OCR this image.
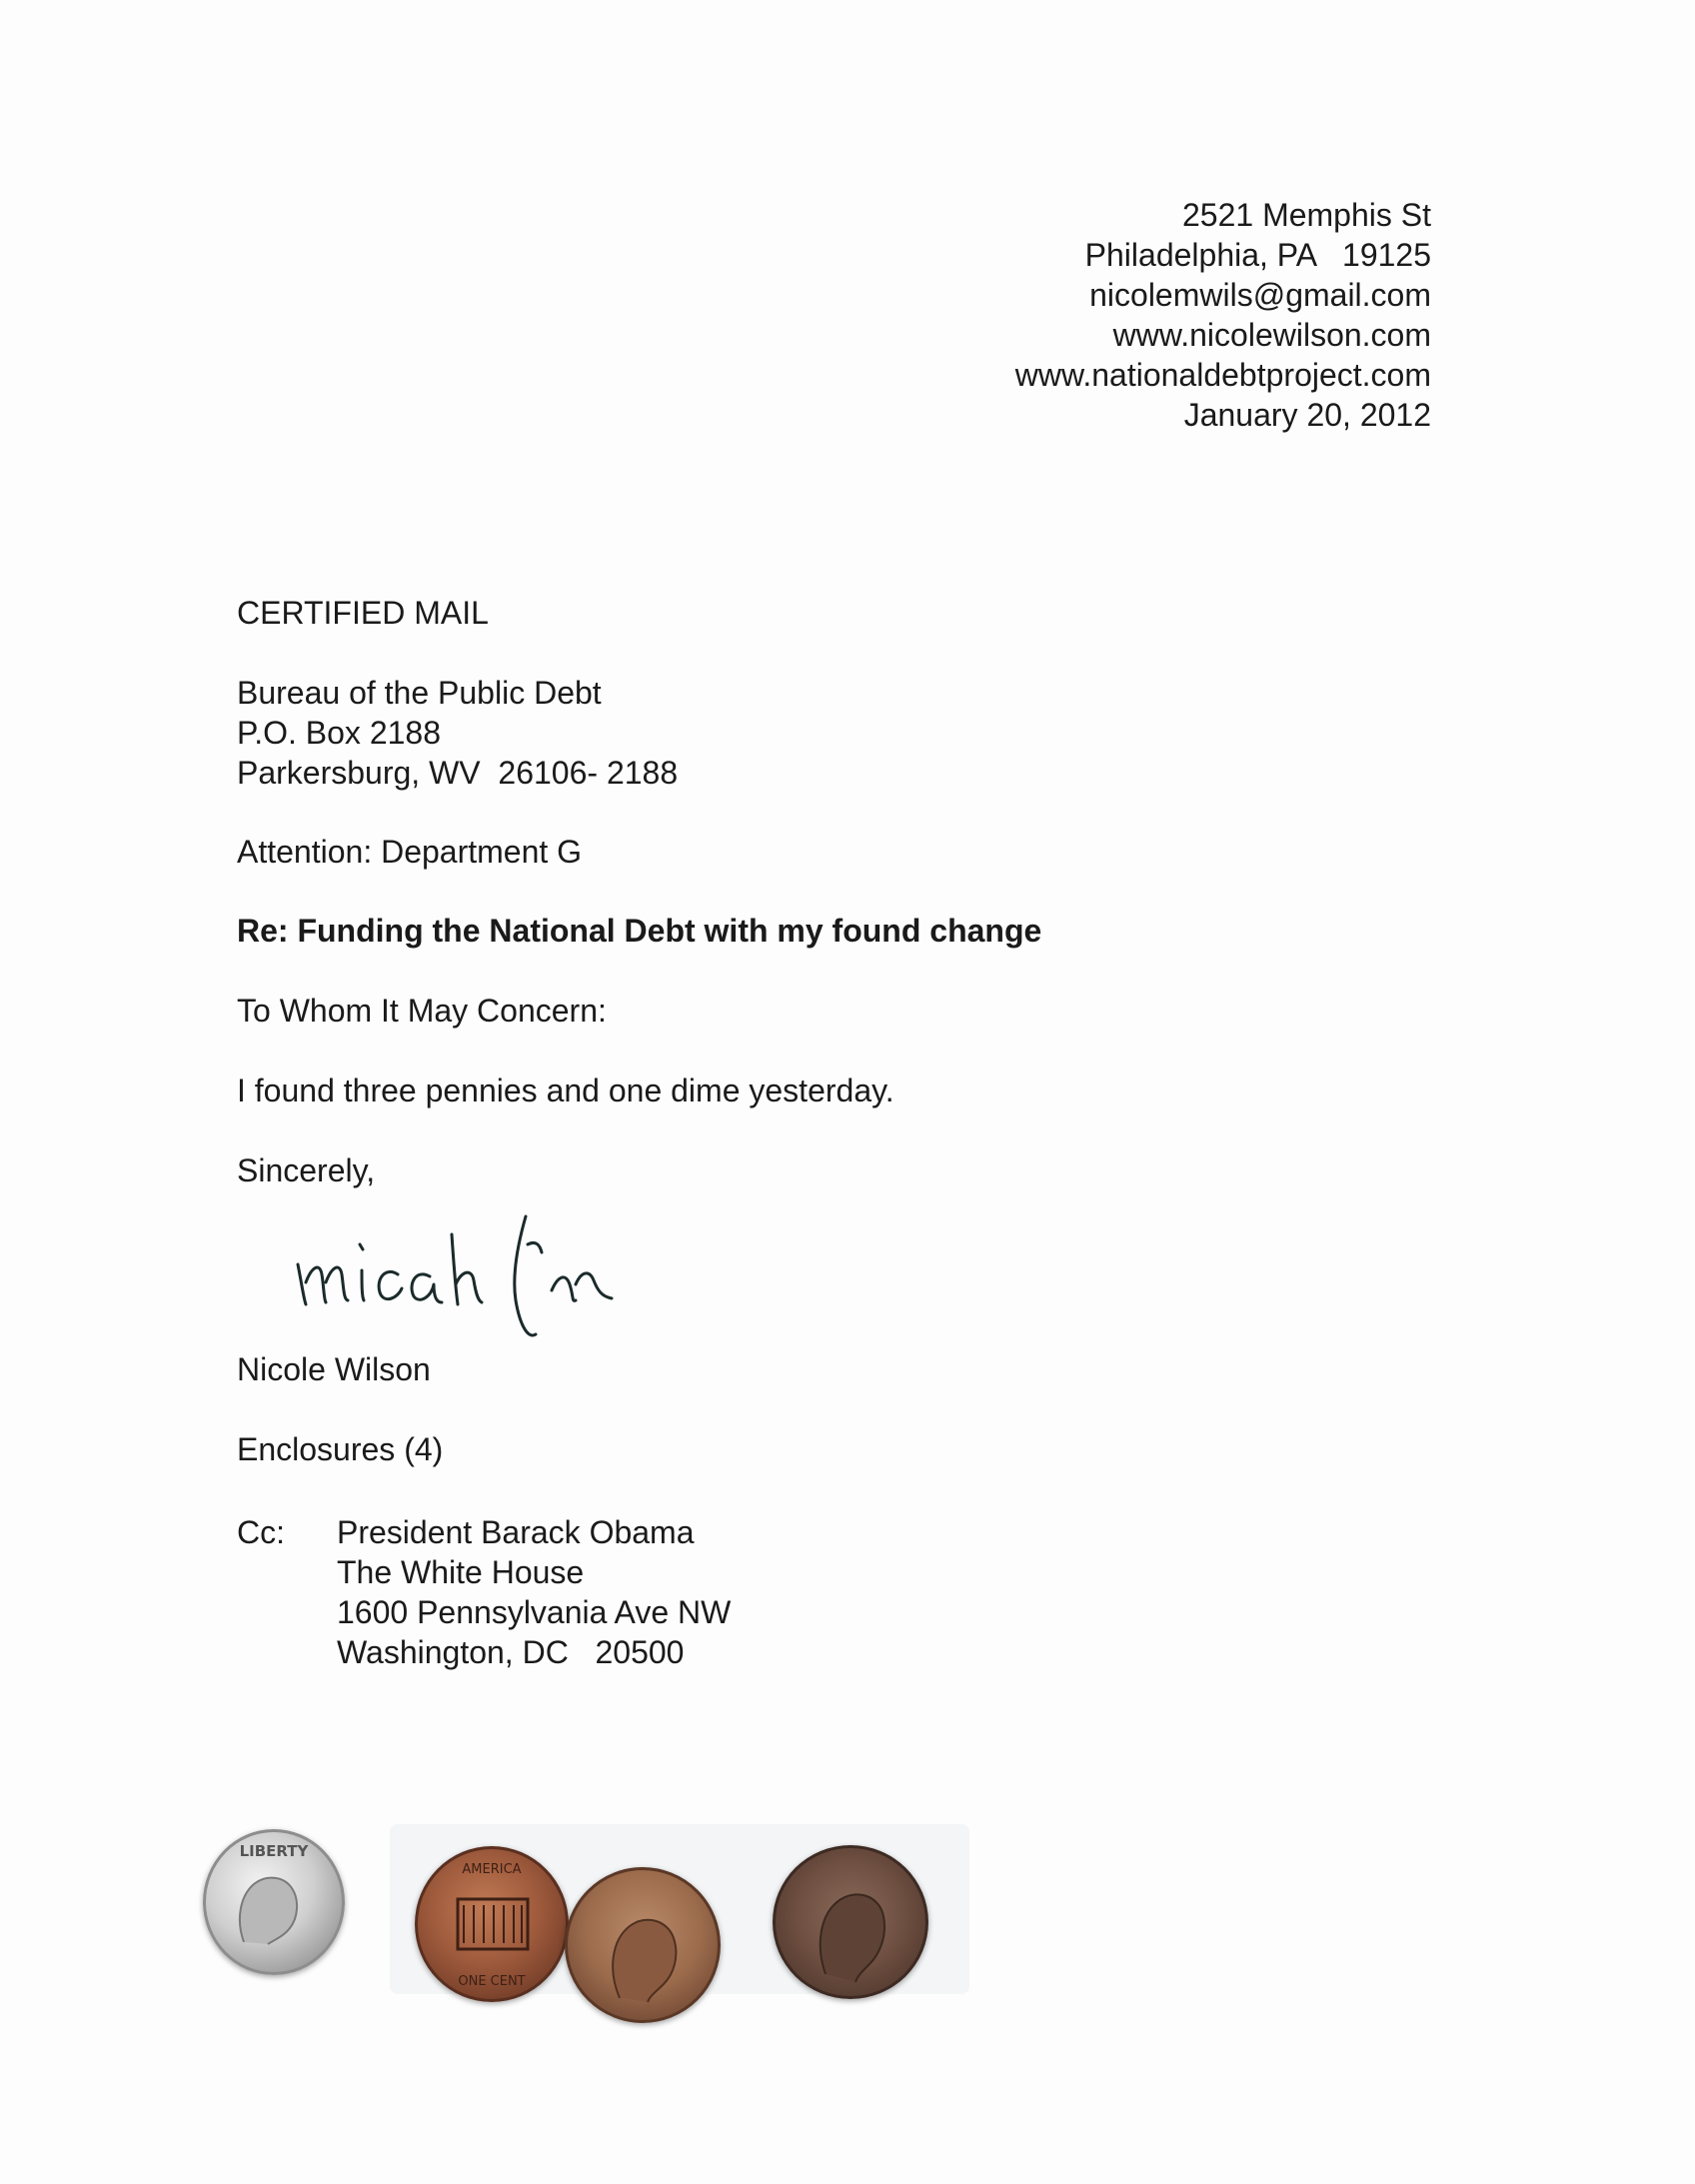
2521 Memphis St
Philadelphia, PA   19125
nicolemwils@gmail.com
www.nicolewilson.com
www.nationaldebtproject.com
January 20, 2012
CERTIFIED MAIL
Bureau of the Public Debt
P.O. Box 2188
Parkersburg, WV  26106- 2188
Attention: Department G
Re: Funding the National Debt with my found change
To Whom It May Concern:
I found three pennies and one dime yesterday.
Sincerely,
Nicole Wilson
Enclosures (4)
Cc: President Barack Obama
The White House
1600 Pennsylvania Ave NW
Washington, DC   20500
LIBERTY
AMERICA
ONE CENT
